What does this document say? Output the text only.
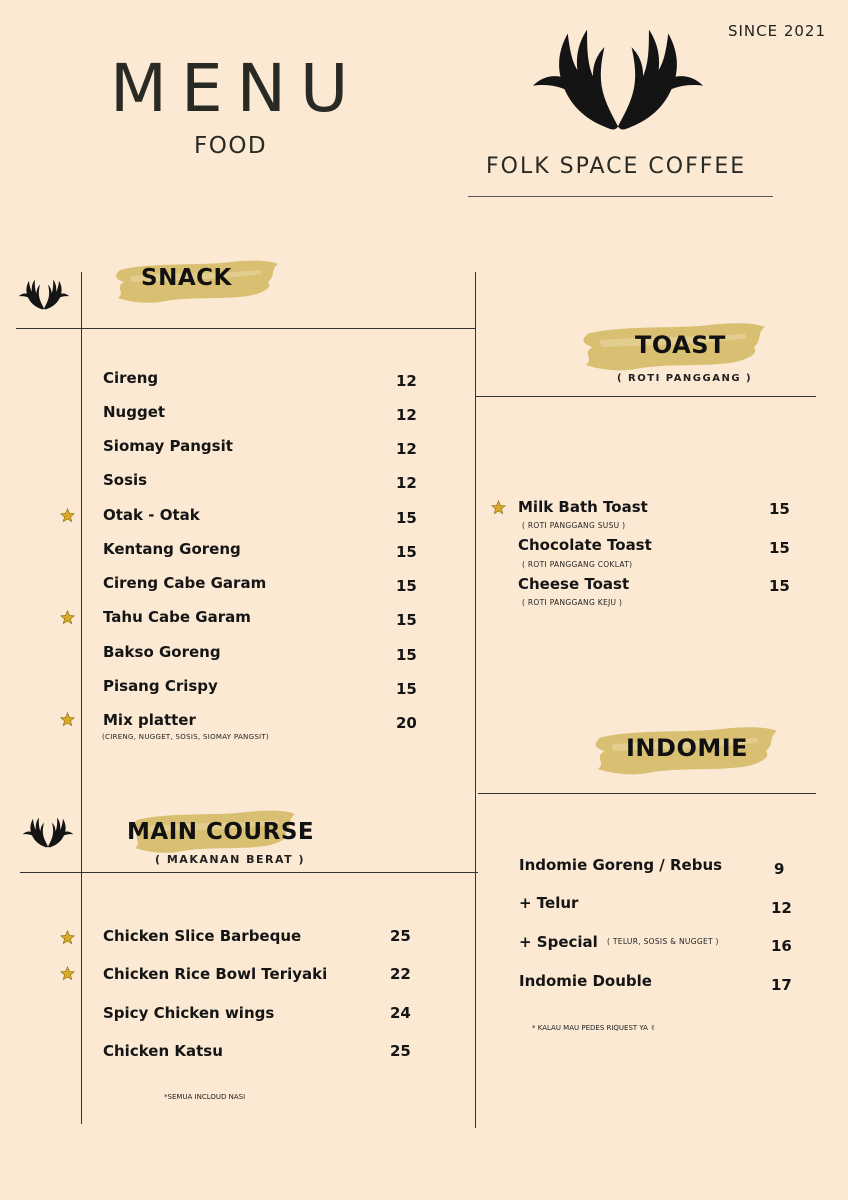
SINCE 2021
MENU
FOOD
FOLK SPACE COFFEE
SNACK
Cireng	12
Nugget	12
Siomay Pangsit	12
Sosis	12
Otak - Otak	15
Kentang Goreng	15
Cireng Cabe Garam	15
Tahu Cabe Garam	15
Bakso Goreng	15
Pisang Crispy	15
Mix platter	20
(CIRENG, NUGGET, SOSIS, SIOMAY PANGSIT)
MAIN COURSE
( MAKANAN BERAT )
Chicken Slice Barbeque	25
Chicken Rice Bowl Teriyaki	22
Spicy Chicken wings	24
Chicken Katsu	25
*SEMUA INCLOUD NASI
TOAST
( ROTI PANGGANG )
Milk Bath Toast	15
( ROTI PANGGANG SUSU )
Chocolate Toast	15
( ROTI PANGGANG COKLAT)
Cheese Toast	15
( ROTI PANGGANG KEJU )
INDOMIE
Indomie Goreng / Rebus	9
+ Telur	12
+ Special ( TELUR, SOSIS & NUGGET )	16
Indomie Double	17
* KALAU MAU PEDES RIQUEST YA ✌
